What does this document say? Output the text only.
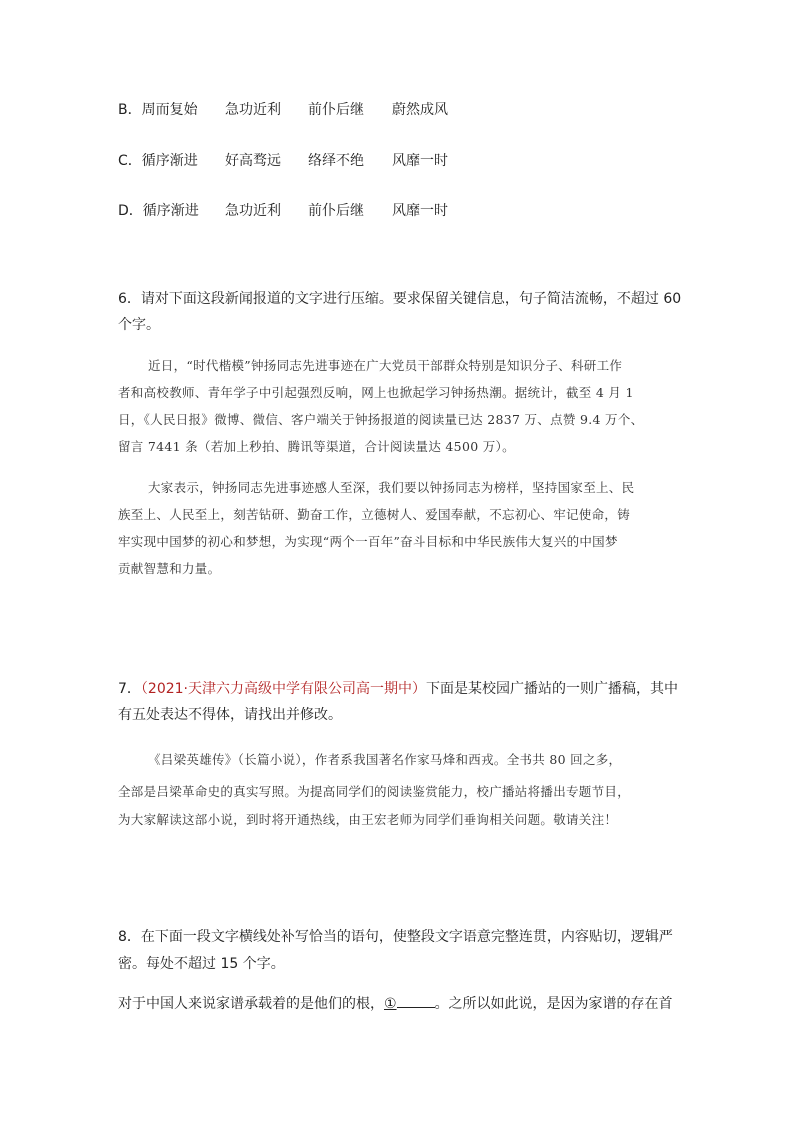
B．周而复始 急功近利 前仆后继 蔚然成风
C．循序渐进 好高骛远 络绎不绝 风靡一时
D．循序渐进 急功近利 前仆后继 风靡一时
6．请对下面这段新闻报道的文字进行压缩。要求保留关键信息，句子简洁流畅，不超过 60
个字。
近日，“时代楷模”钟扬同志先进事迹在广大党员干部群众特别是知识分子、科研工作
者和高校教师、青年学子中引起强烈反响，网上也掀起学习钟扬热潮。据统计，截至 4 月 1
日，《人民日报》微博、微信、客户端关于钟扬报道的阅读量已达 2837 万、点赞 9.4 万个、
留言 7441 条（若加上秒拍、腾讯等渠道，合计阅读量达 4500 万）。
大家表示，钟扬同志先进事迹感人至深，我们要以钟扬同志为榜样，坚持国家至上、民
族至上、人民至上，刻苦钻研、勤奋工作，立德树人、爱国奉献，不忘初心、牢记使命，铸
牢实现中国梦的初心和梦想，为实现“两个一百年”奋斗目标和中华民族伟大复兴的中国梦
贡献智慧和力量。
7．（2021·天津六力高级中学有限公司高一期中）下面是某校园广播站的一则广播稿，其中
有五处表达不得体，请找出并修改。
《吕梁英雄传》（长篇小说），作者系我国著名作家马烽和西戎。全书共 80 回之多，
全部是吕梁革命史的真实写照。为提高同学们的阅读鉴赏能力，校广播站将播出专题节目，
为大家解读这部小说，到时将开通热线，由王宏老师为同学们垂询相关问题。敬请关注！
8．在下面一段文字横线处补写恰当的语句，使整段文字语意完整连贯，内容贴切，逻辑严
密。每处不超过 15 个字。
对于中国人来说家谱承载着的是他们的根，①	。之所以如此说，是因为家谱的存在首
